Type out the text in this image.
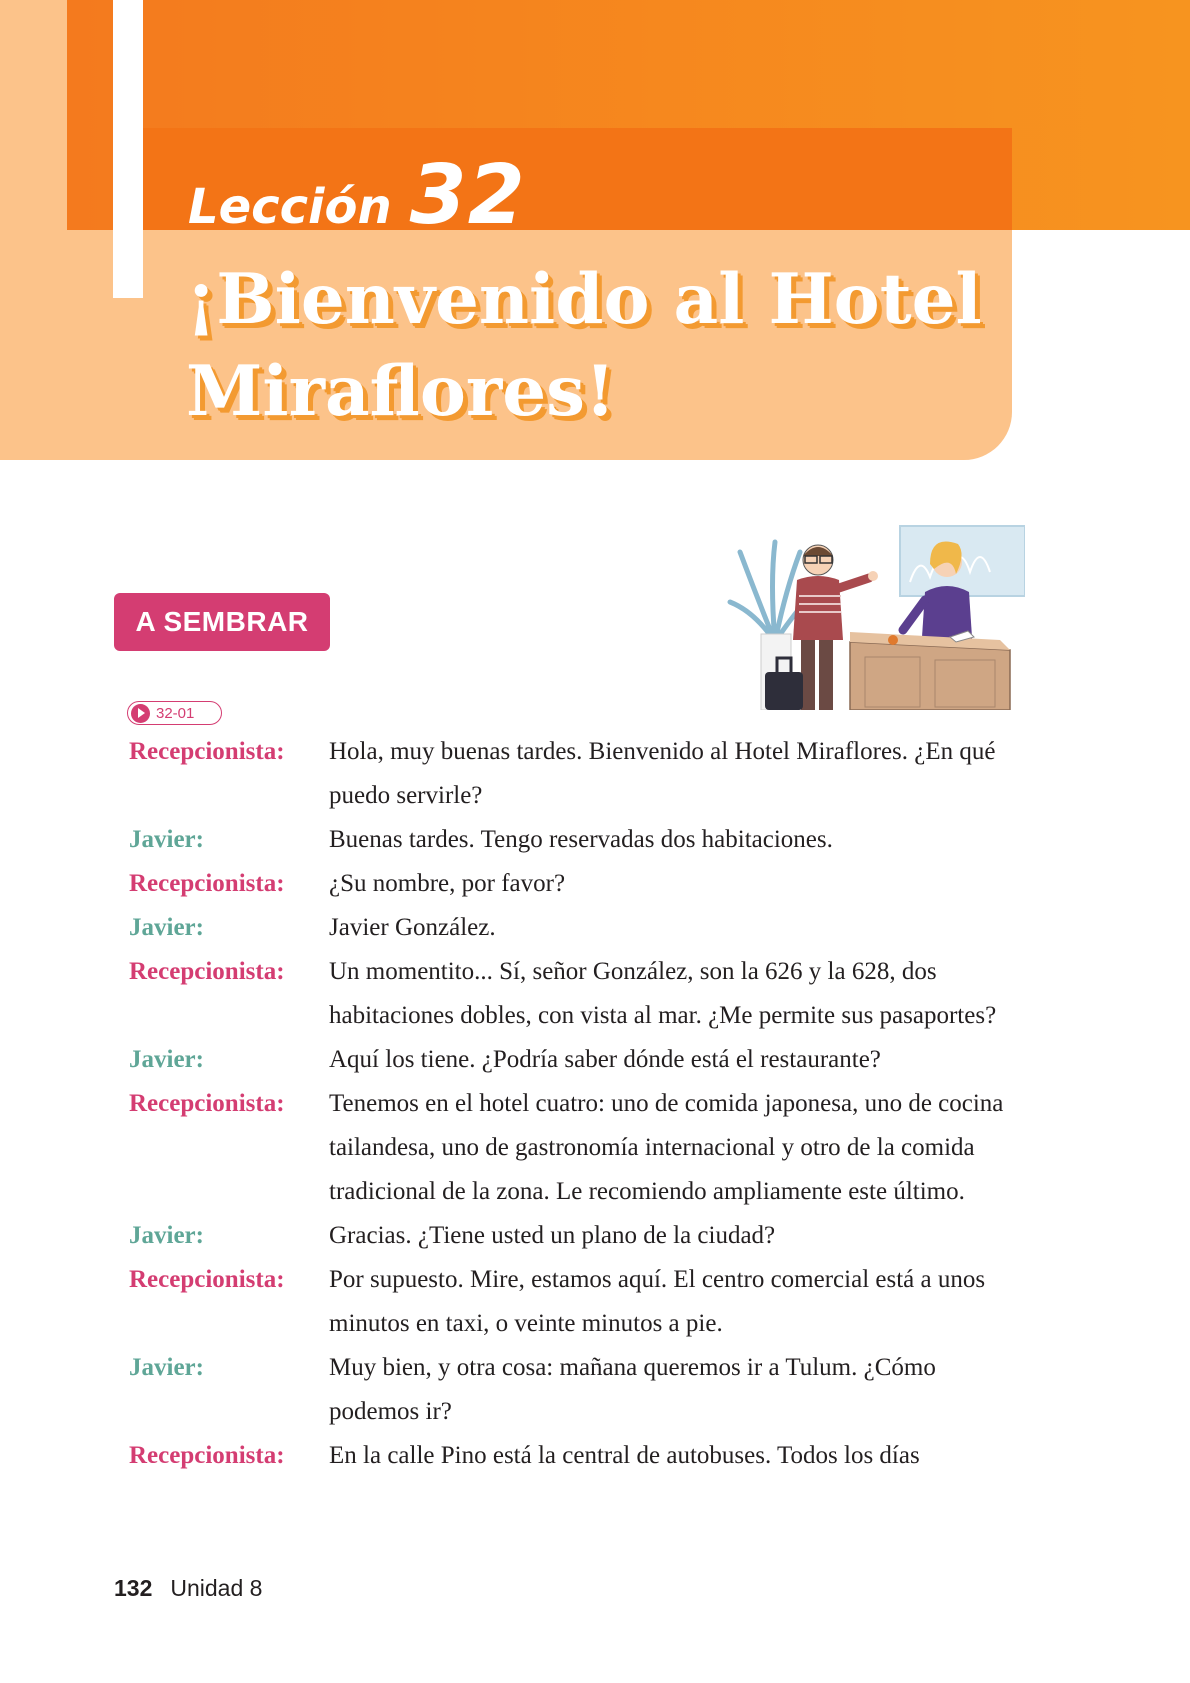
Lección 32
¡Bienvenido al Hotel Miraflores!
A SEMBRAR
32-01
Recepcionista:	Hola, muy buenas tardes. Bienvenido al Hotel Miraflores. ¿En qué puedo servirle?
Javier:	Buenas tardes. Tengo reservadas dos habitaciones.
Recepcionista:	¿Su nombre, por favor?
Javier:	Javier González.
Recepcionista:	Un momentito... Sí, señor González, son la 626 y la 628, dos habitaciones dobles, con vista al mar. ¿Me permite sus pasaportes?
Javier:	Aquí los tiene. ¿Podría saber dónde está el restaurante?
Recepcionista:	Tenemos en el hotel cuatro: uno de comida japonesa, uno de cocina tailandesa, uno de gastronomía internacional y otro de la comida tradicional de la zona. Le recomiendo ampliamente este último.
Javier:	Gracias. ¿Tiene usted un plano de la ciudad?
Recepcionista:	Por supuesto. Mire, estamos aquí. El centro comercial está a unos minutos en taxi, o veinte minutos a pie.
Javier:	Muy bien, y otra cosa: mañana queremos ir a Tulum. ¿Cómo podemos ir?
Recepcionista:	En la calle Pino está la central de autobuses. Todos los días
132 Unidad 8
